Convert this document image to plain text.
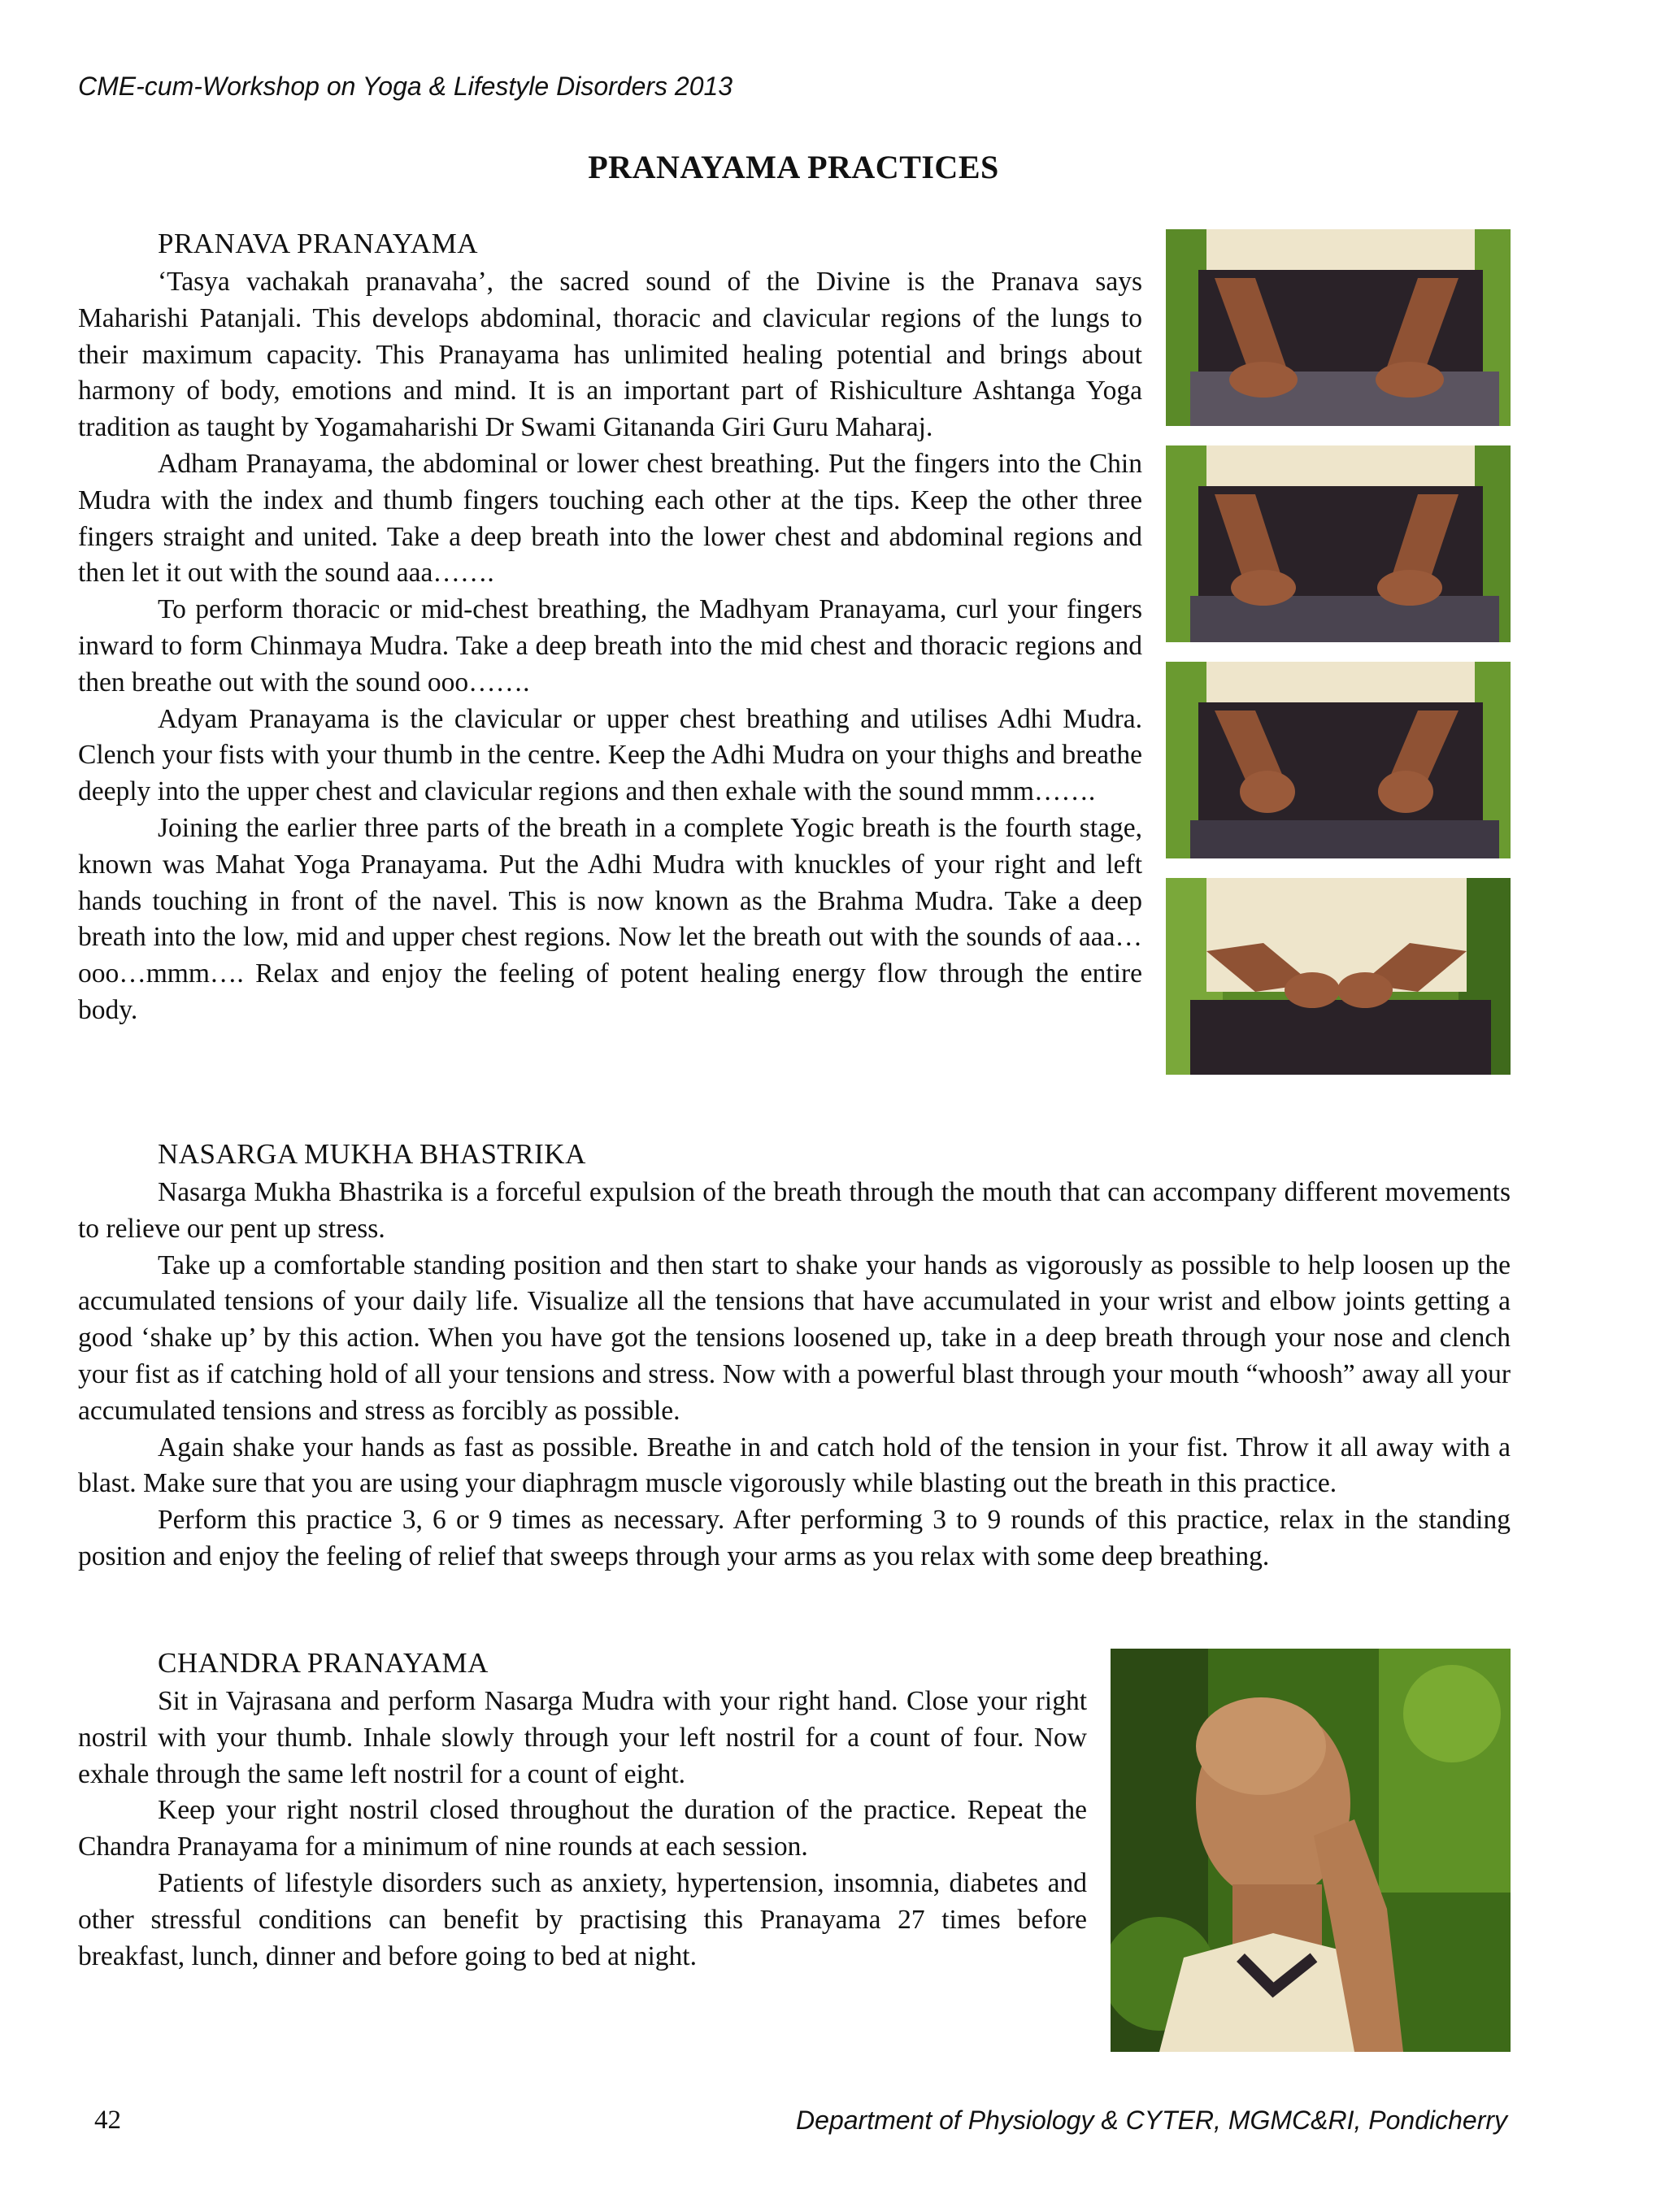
CME-cum-Workshop on Yoga & Lifestyle Disorders 2013
PRANAYAMA PRACTICES
PRANAVA PRANAYAMA

‘Tasya vachakah pranavaha’, the sacred sound of the Divine is the Pranava says Maharishi Patanjali. This develops abdominal, thoracic and clavicular regions of the lungs to their maximum capacity. This Pranayama has unlimited healing potential and brings about harmony of body, emotions and mind. It is an important part of Rishiculture Ashtanga Yoga tradition as taught by Yogamaharishi Dr Swami Gitananda Giri Guru Maharaj.

Adham Pranayama, the abdominal or lower chest breathing. Put the fingers into the Chin Mudra with the index and thumb fingers touching each other at the tips. Keep the other three fingers straight and united. Take a deep breath into the lower chest and abdominal regions and then let it out with the sound aaa…….

To perform thoracic or mid-chest breathing, the Madhyam Pranayama, curl your fingers inward to form Chinmaya Mudra. Take a deep breath into the mid chest and thoracic regions and then breathe out with the sound ooo…….

Adyam Pranayama is the clavicular or upper chest breathing and utilises Adhi Mudra. Clench your fists with your thumb in the centre. Keep the Adhi Mudra on your thighs and breathe deeply into the upper chest and clavicular regions and then exhale with the sound mmm…….

Joining the earlier three parts of the breath in a complete Yogic breath is the fourth stage, known was Mahat Yoga Pranayama. Put the Adhi Mudra with knuckles of your right and left hands touching in front of the navel. This is now known as the Brahma Mudra. Take a deep breath into the low, mid and upper chest regions. Now let the breath out with the sounds of aaa…ooo…mmm…. Relax and enjoy the feeling of potent healing energy flow through the entire body.

NASARGA MUKHA BHASTRIKA

Nasarga Mukha Bhastrika is a forceful expulsion of the breath through the mouth that can accompany different movements to relieve our pent up stress.

Take up a comfortable standing position and then start to shake your hands as vigorously as possible to help loosen up the accumulated tensions of your daily life. Visualize all the tensions that have accumulated in your wrist and elbow joints getting a good ‘shake up’ by this action. When you have got the tensions loosened up, take in a deep breath through your nose and clench your fist as if catching hold of all your tensions and stress. Now with a powerful blast through your mouth “whoosh” away all your accumulated tensions and stress as forcibly as possible.

Again shake your hands as fast as possible. Breathe in and catch hold of the tension in your fist. Throw it all away with a blast. Make sure that you are using your diaphragm muscle vigorously while blasting out the breath in this practice.

Perform this practice 3, 6 or 9 times as necessary. After performing 3 to 9 rounds of this practice, relax in the standing position and enjoy the feeling of relief that sweeps through your arms as you relax with some deep breathing.

CHANDRA PRANAYAMA

Sit in Vajrasana and perform Nasarga Mudra with your right hand. Close your right nostril with your thumb. Inhale slowly through your left nostril for a count of four. Now exhale through the same left nostril for a count of eight.

Keep your right nostril closed throughout the duration of the practice. Repeat the Chandra Pranayama for a minimum of nine rounds at each session.

Patients of lifestyle disorders such as anxiety, hypertension, insomnia, diabetes and other stressful conditions can benefit by practising this Pranayama 27 times before breakfast, lunch, dinner and before going to bed at night.

42	Department of Physiology & CYTER, MGMC&RI, Pondicherry
